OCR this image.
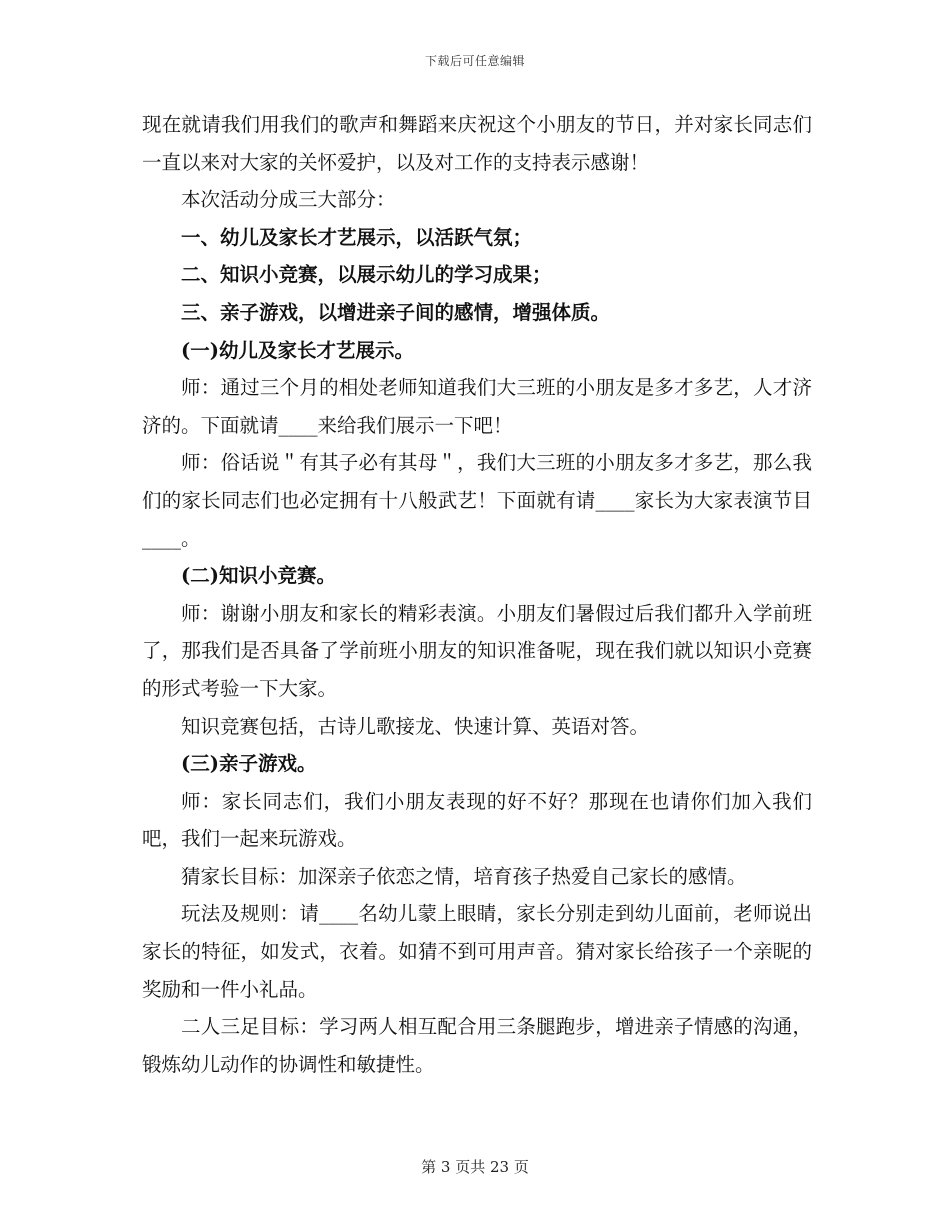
下载后可任意编辑

现在就请我们用我们的歌声和舞蹈来庆祝这个小朋友的节日，并对家长同志们一直以来对大家的关怀爱护，以及对工作的支持表示感谢！

本次活动分成三大部分：

一、幼儿及家长才艺展示，以活跃气氛；

二、知识小竞赛，以展示幼儿的学习成果；

三、亲子游戏，以增进亲子间的感情，增强体质。

(一)幼儿及家长才艺展示。

师：通过三个月的相处老师知道我们大三班的小朋友是多才多艺，人才济济的。下面就请____来给我们展示一下吧！

师：俗话说＂有其子必有其母＂，我们大三班的小朋友多才多艺，那么我们的家长同志们也必定拥有十八般武艺！下面就有请____家长为大家表演节目____。

(二)知识小竞赛。

师：谢谢小朋友和家长的精彩表演。小朋友们暑假过后我们都升入学前班了，那我们是否具备了学前班小朋友的知识准备呢，现在我们就以知识小竞赛的形式考验一下大家。

知识竞赛包括，古诗儿歌接龙、快速计算、英语对答。

(三)亲子游戏。

师：家长同志们，我们小朋友表现的好不好？那现在也请你们加入我们吧，我们一起来玩游戏。

猜家长目标：加深亲子依恋之情，培育孩子热爱自己家长的感情。

玩法及规则：请____名幼儿蒙上眼睛，家长分别走到幼儿面前，老师说出家长的特征，如发式，衣着。如猜不到可用声音。猜对家长给孩子一个亲昵的奖励和一件小礼品。

二人三足目标：学习两人相互配合用三条腿跑步，增进亲子情感的沟通，锻炼幼儿动作的协调性和敏捷性。

第 3 页共 23 页
